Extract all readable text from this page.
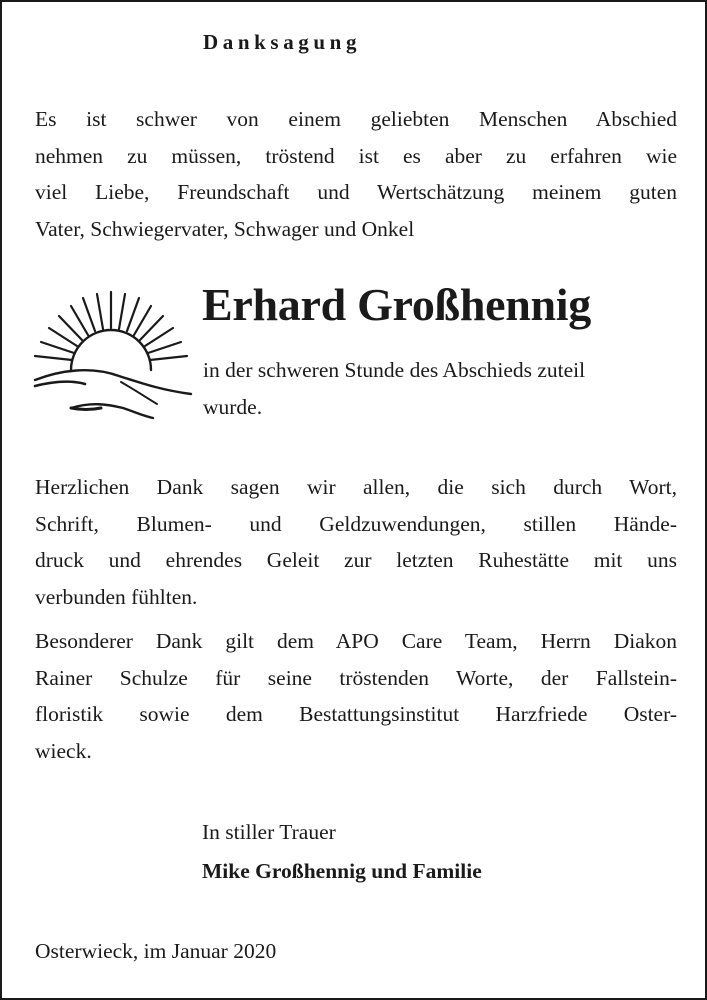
Danksagung

Es ist schwer von einem geliebten Menschen Abschied
nehmen zu müssen, tröstend ist es aber zu erfahren wie
viel Liebe, Freundschaft und Wertschätzung meinem guten
Vater, Schwiegervater, Schwager und Onkel

Erhard Großhennig

in der schweren Stunde des Abschieds zuteil
wurde.

Herzlichen Dank sagen wir allen, die sich durch Wort,
Schrift, Blumen- und Geldzuwendungen, stillen Hände-
druck und ehrendes Geleit zur letzten Ruhestätte mit uns
verbunden fühlten.

Besonderer Dank gilt dem APO Care Team, Herrn Diakon
Rainer Schulze für seine tröstenden Worte, der Fallstein-
floristik sowie dem Bestattungsinstitut Harzfriede Oster-
wieck.

In stiller Trauer

Mike Großhennig und Familie

Osterwieck, im Januar 2020
